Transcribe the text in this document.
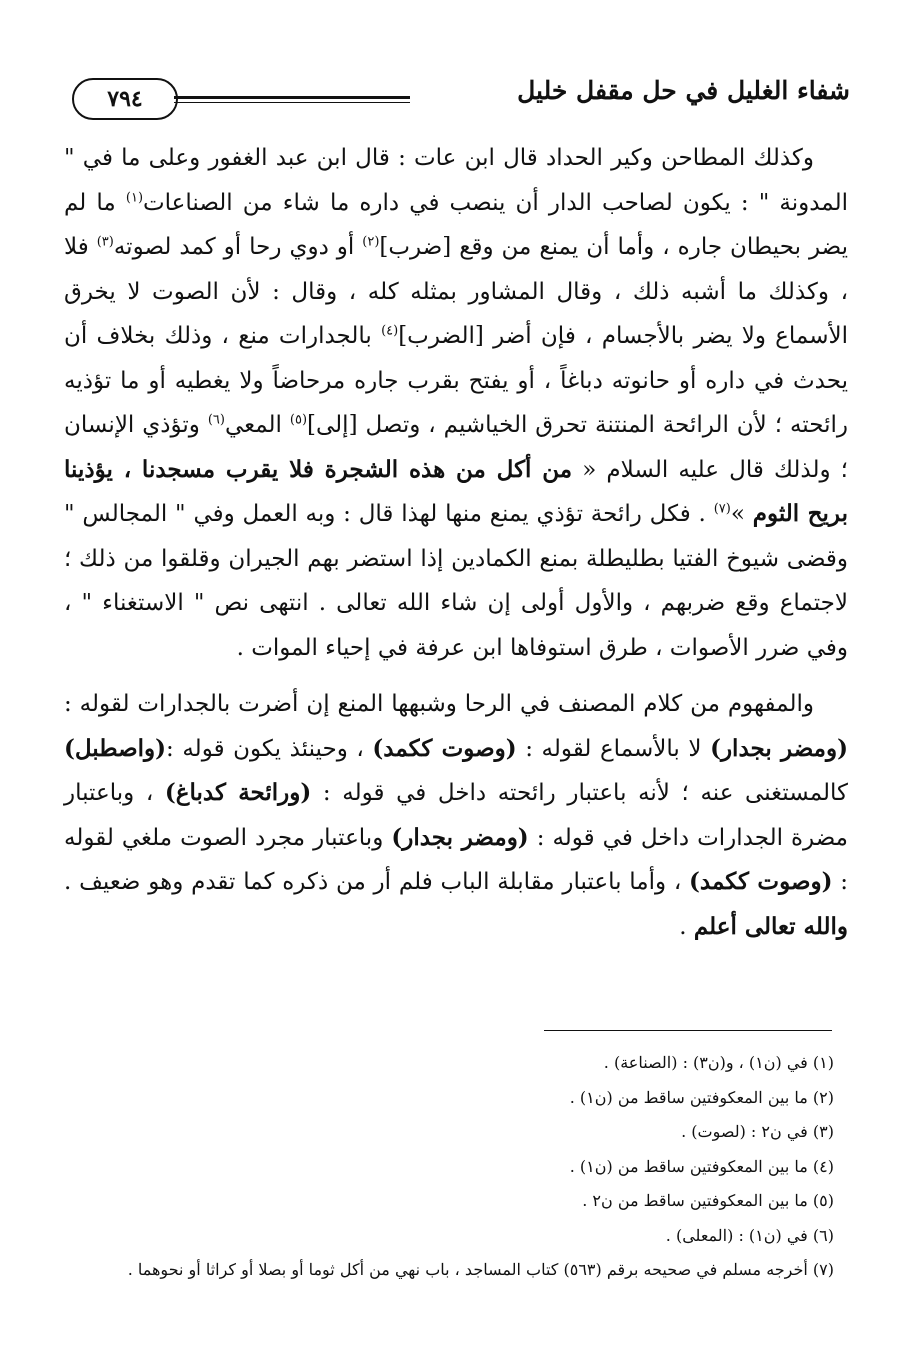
شفاء الغليل في حل مقفل خليل
٧٩٤

وكذلك المطاحن وكير الحداد قال ابن عات : قال ابن عبد الغفور وعلى ما في " المدونة " : يكون لصاحب الدار أن ينصب في داره ما شاء من الصناعات$^{(١)}$ ما لم يضر بحيطان جاره ، وأما أن يمنع من وقع [ضرب]$^{(٢)}$ أو دوي رحا أو كمد لصوته$^{(٣)}$ فلا ، وكذلك ما أشبه ذلك ، وقال المشاور بمثله كله ، وقال : لأن الصوت لا يخرق الأسماع ولا يضر بالأجسام ، فإن أضر [الضرب]$^{(٤)}$ بالجدارات منع ، وذلك بخلاف أن يحدث في داره أو حانوته دباغاً ، أو يفتح بقرب جاره مرحاضاً ولا يغطيه أو ما تؤذيه رائحته ؛ لأن الرائحة المنتنة تحرق الخياشيم ، وتصل [إلى]$^{(٥)}$ المعي$^{(٦)}$ وتؤذي الإنسان ؛ ولذلك قال عليه السلام « من أكل من هذه الشجرة فلا يقرب مسجدنا ، يؤذينا بريح الثوم »$^{(٧)}$ . فكل رائحة تؤذي يمنع منها لهذا قال : وبه العمل وفي " المجالس " وقضى شيوخ الفتيا بطليطلة بمنع الكمادين إذا استضر بهم الجيران وقلقوا من ذلك ؛ لاجتماع وقع ضربهم ، والأول أولى إن شاء الله تعالى . انتهى نص " الاستغناء " ، وفي ضرر الأصوات ، طرق استوفاها ابن عرفة في إحياء الموات .

والمفهوم من كلام المصنف في الرحا وشبهها المنع إن أضرت بالجدارات لقوله : (ومضر بجدار) لا بالأسماع لقوله : (وصوت ككمد) ، وحينئذ يكون قوله :(واصطبل) كالمستغنى عنه ؛ لأنه باعتبار رائحته داخل في قوله : (ورائحة كدباغ) ، وباعتبار مضرة الجدارات داخل في قوله : (ومضر بجدار) وباعتبار مجرد الصوت ملغي لقوله : (وصوت ككمد) ، وأما باعتبار مقابلة الباب فلم أر من ذكره كما تقدم وهو ضعيف . والله تعالى أعلم .

(١) في (ن١) ، و(ن٣) : (الصناعة) .
(٢) ما بين المعكوفتين ساقط من (ن١) .
(٣) في ن٢ : (لصوت) .
(٤) ما بين المعكوفتين ساقط من (ن١) .
(٥) ما بين المعكوفتين ساقط من ن٢ .
(٦) في (ن١) : (المعلى) .
(٧) أخرجه مسلم في صحيحه برقم (٥٦٣) كتاب المساجد ، باب نهي من أكل ثوما أو بصلا أو كراثا أو نحوهما .
